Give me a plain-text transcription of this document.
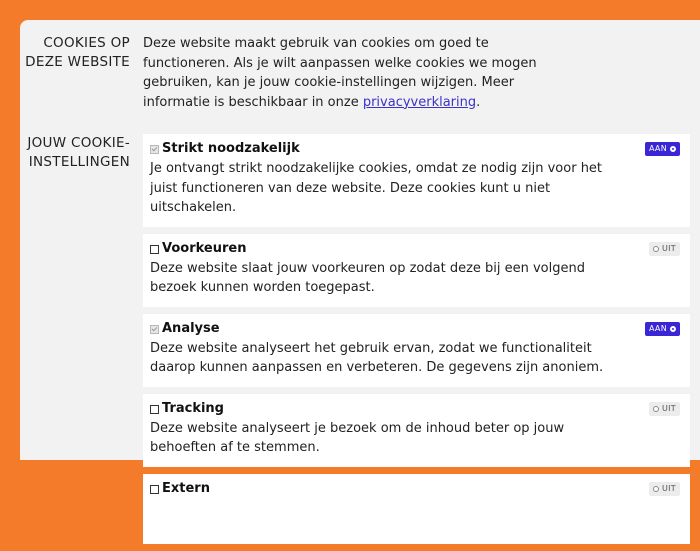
COOKIES OP DEZE WEBSITE
Deze website maakt gebruik van cookies om goed te functioneren. Als je wilt aanpassen welke cookies we mogen gebruiken, kan je jouw cookie-instellingen wijzigen. Meer informatie is beschikbaar in onze privacyverklaring.
JOUW COOKIE-INSTELLINGEN
Strikt noodzakelijk
Je ontvangt strikt noodzakelijke cookies, omdat ze nodig zijn voor het juist functioneren van deze website. Deze cookies kunt u niet uitschakelen.
AAN
Voorkeuren
Deze website slaat jouw voorkeuren op zodat deze bij een volgend bezoek kunnen worden toegepast.
UIT
Analyse
Deze website analyseert het gebruik ervan, zodat we functionaliteit daarop kunnen aanpassen en verbeteren. De gegevens zijn anoniem.
AAN
Tracking
Deze website analyseert je bezoek om de inhoud beter op jouw behoeften af te stemmen.
UIT
Extern	UIT
